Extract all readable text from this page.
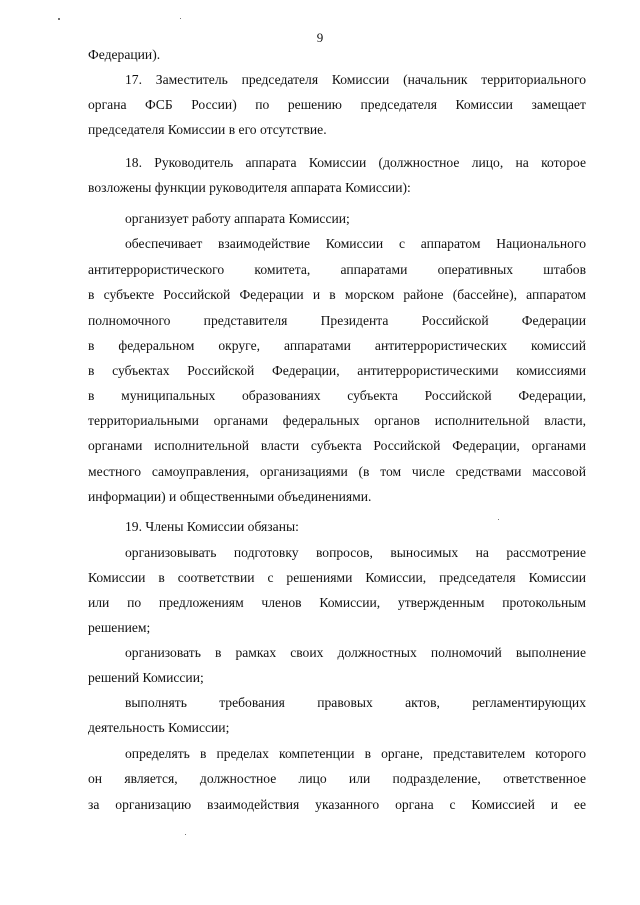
9
Федерации).
17. Заместитель председателя Комиссии (начальник территориального
органа ФСБ России) по решению председателя Комиссии замещает
председателя Комиссии в его отсутствие.
18. Руководитель аппарата Комиссии (должностное лицо, на которое
возложены функции руководителя аппарата Комиссии):
организует работу аппарата Комиссии;
обеспечивает взаимодействие Комиссии с аппаратом Национального
антитеррористического комитета, аппаратами оперативных штабов
в субъекте Российской Федерации и в морском районе (бассейне), аппаратом
полномочного представителя Президента Российской Федерации
в федеральном округе, аппаратами антитеррористических комиссий
в субъектах Российской Федерации, антитеррористическими комиссиями
в муниципальных образованиях субъекта Российской Федерации,
территориальными органами федеральных органов исполнительной власти,
органами исполнительной власти субъекта Российской Федерации, органами
местного самоуправления, организациями (в том числе средствами массовой
информации) и общественными объединениями.
19. Члены Комиссии обязаны:
организовывать подготовку вопросов, выносимых на рассмотрение
Комиссии в соответствии с решениями Комиссии, председателя Комиссии
или по предложениям членов Комиссии, утвержденным протокольным
решением;
организовать в рамках своих должностных полномочий выполнение
решений Комиссии;
выполнять требования правовых актов, регламентирующих
деятельность Комиссии;
определять в пределах компетенции в органе, представителем которого
он является, должностное лицо или подразделение, ответственное
за организацию взаимодействия указанного органа с Комиссией и ее
